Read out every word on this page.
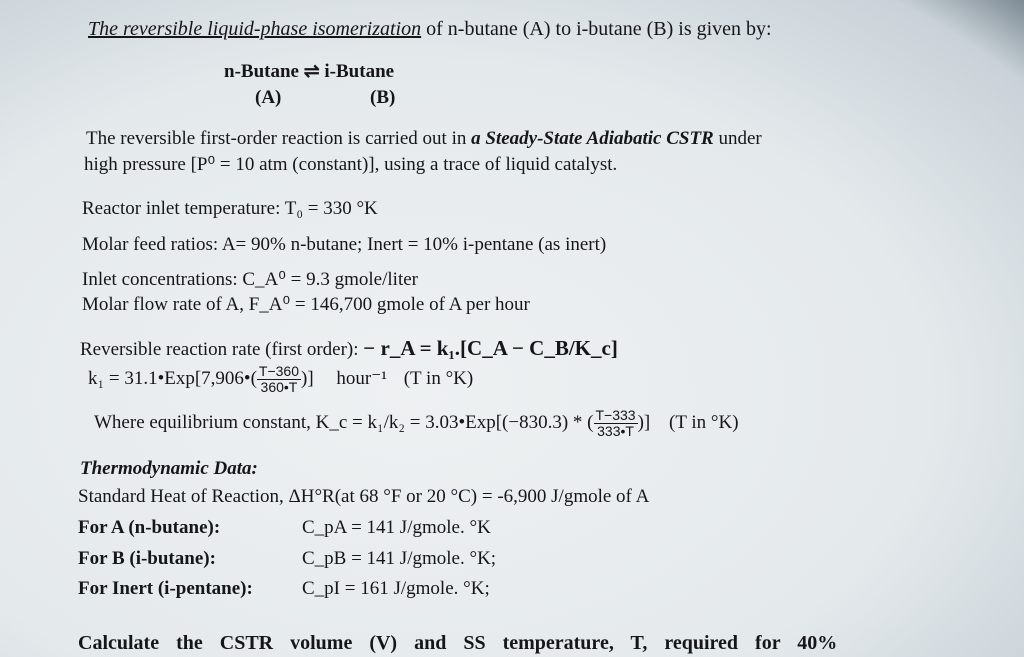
The reversible liquid-phase isomerization of n-butane (A) to i-butane (B) is given by:
n-Butane ⇌ i-Butane
(A)	(B)
The reversible first-order reaction is carried out in a Steady-State Adiabatic CSTR under
high pressure [P⁰ = 10 atm (constant)], using a trace of liquid catalyst.
Reactor inlet temperature: T₀ = 330 °K
Molar feed ratios: A= 90% n-butane; Inert = 10% i-pentane (as inert)
Inlet concentrations: C_A⁰ = 9.3 gmole/liter
Molar flow rate of A, F_A⁰ = 146,700 gmole of A per hour
Reversible reaction rate (first order): − r_A = k₁.[C_A − C_B/K_c]
k₁ = 31.1•Exp[7,906•( $\frac{T-360}{360•T}$ )] hour⁻¹ (T in °K)
Where equilibrium constant, K_c = k₁/k₂ = 3.03•Exp[(−830.3) * ( $\frac{T-333}{333•T}$ )] (T in °K)
Thermodynamic Data:
Standard Heat of Reaction, ΔH°R(at 68 °F or 20 °C) = -6,900 J/gmole of A
For A (n-butane):	C_pA = 141 J/gmole. °K
For B (i-butane):	C_pB = 141 J/gmole. °K;
For Inert (i-pentane):	C_pI = 161 J/gmole. °K;
Calculate the CSTR volume (V) and SS temperature, T, required for 40%
